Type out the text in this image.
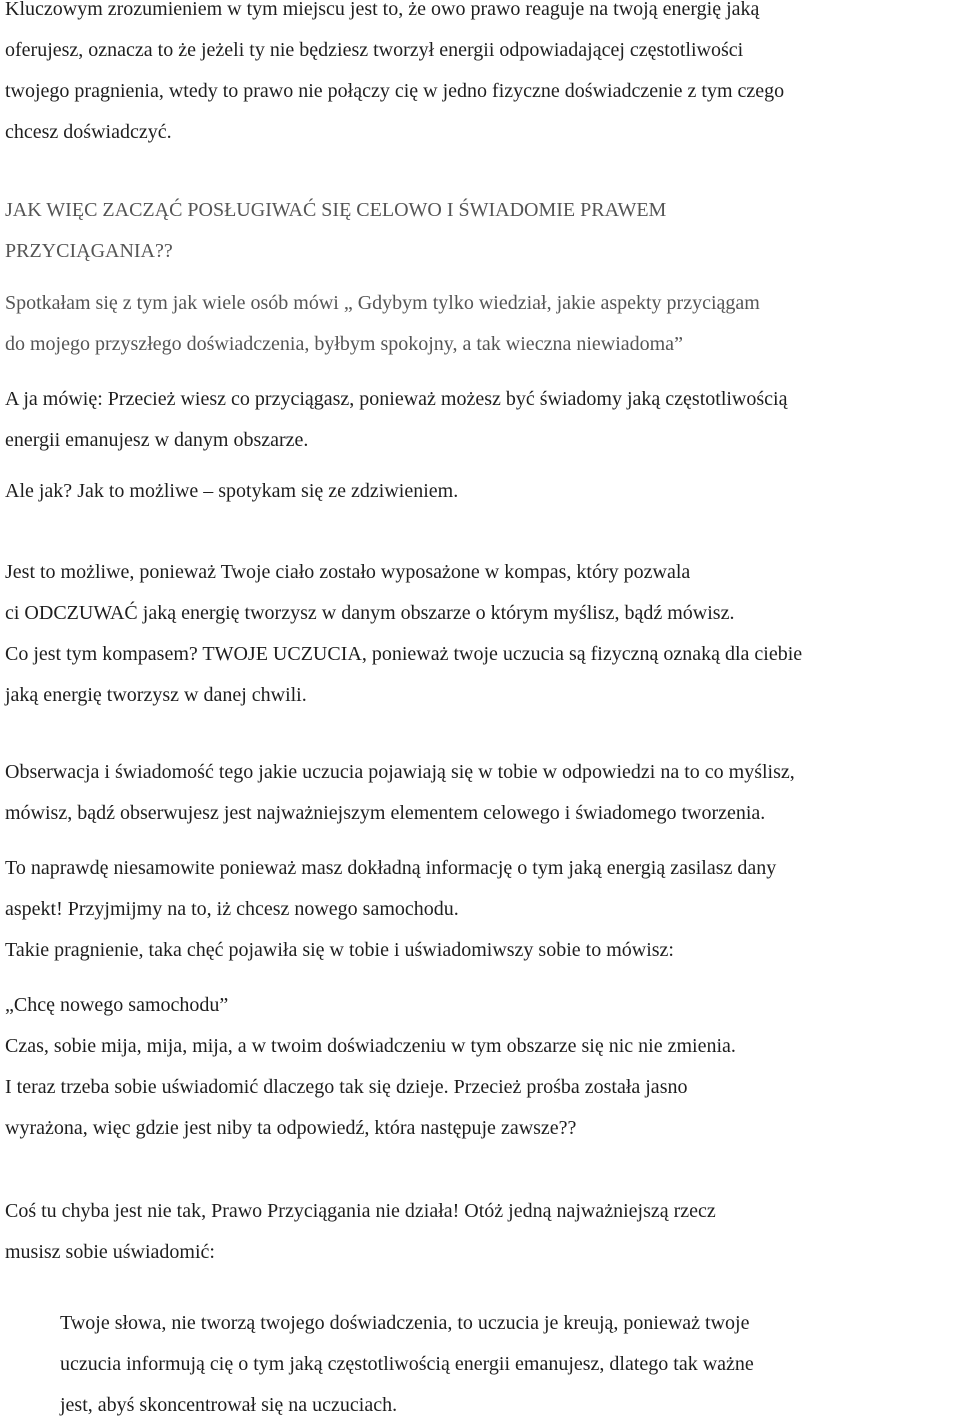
Kluczowym zrozumieniem w tym miejscu jest to, że owo prawo reaguje na twoją energię jaką
oferujesz, oznacza to że jeżeli ty nie będziesz tworzył energii odpowiadającej częstotliwości
twojego pragnienia, wtedy to prawo nie połączy cię w jedno fizyczne doświadczenie z tym czego
chcesz doświadczyć.

JAK WIĘC ZACZĄĆ POSŁUGIWAĆ SIĘ CELOWO I ŚWIADOMIE PRAWEM
PRZYCIĄGANIA??

Spotkałam się z tym jak wiele osób mówi „ Gdybym tylko wiedział, jakie aspekty przyciągam
do mojego przyszłego doświadczenia, byłbym spokojny, a tak wieczna niewiadoma”

A ja mówię: Przecież wiesz co przyciągasz, ponieważ możesz być świadomy jaką częstotliwością
energii emanujesz w danym obszarze.

Ale jak? Jak to możliwe – spotykam się ze zdziwieniem.

Jest to możliwe, ponieważ Twoje ciało zostało wyposażone w kompas, który pozwala
ci ODCZUWAĆ jaką energię tworzysz w danym obszarze o którym myślisz, bądź mówisz.
Co jest tym kompasem? TWOJE UCZUCIA, ponieważ twoje uczucia są fizyczną oznaką dla ciebie
jaką energię tworzysz w danej chwili.

Obserwacja i świadomość tego jakie uczucia pojawiają się w tobie w odpowiedzi na to co myślisz,
mówisz, bądź obserwujesz jest najważniejszym elementem celowego i świadomego tworzenia.

To naprawdę niesamowite ponieważ masz dokładną informację o tym jaką energią zasilasz dany
aspekt! Przyjmijmy na to, iż chcesz nowego samochodu.
Takie pragnienie, taka chęć pojawiła się w tobie i uświadomiwszy sobie to mówisz:

„Chcę nowego samochodu”
Czas, sobie mija, mija, mija, a w twoim doświadczeniu w tym obszarze się nic nie zmienia.
I teraz trzeba sobie uświadomić dlaczego tak się dzieje. Przecież prośba została jasno
wyrażona, więc gdzie jest niby ta odpowiedź, która następuje zawsze??

Coś tu chyba jest nie tak, Prawo Przyciągania nie działa! Otóż jedną najważniejszą rzecz
musisz sobie uświadomić:

Twoje słowa, nie tworzą twojego doświadczenia, to uczucia je kreują, ponieważ twoje
uczucia informują cię o tym jaką częstotliwością energii emanujesz, dlatego tak ważne
jest, abyś skoncentrował się na uczuciach.
